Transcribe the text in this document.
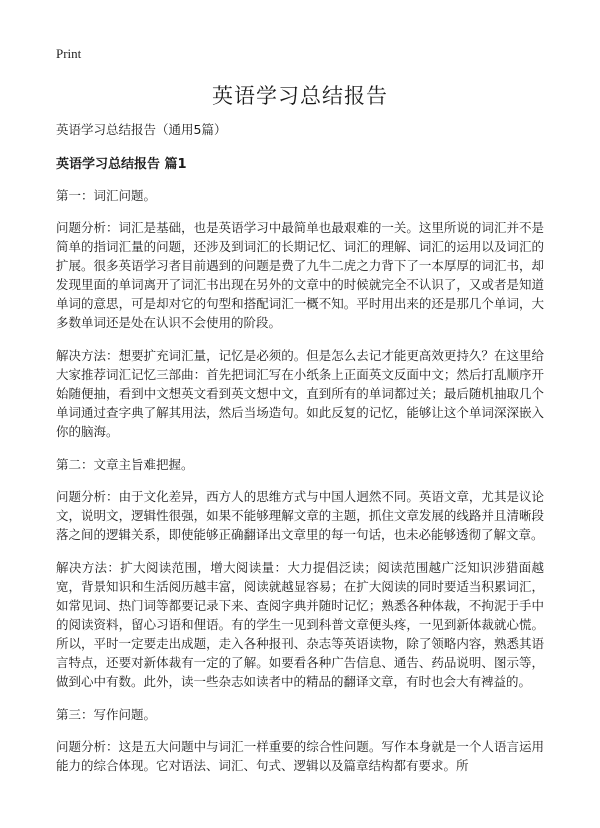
Print
英语学习总结报告

英语学习总结报告（通用5篇）

英语学习总结报告 篇1

第一：词汇问题。

问题分析：词汇是基础，也是英语学习中最简单也最艰难的一关。这里所说的词汇并不是简单的指词汇量的问题，还涉及到词汇的长期记忆、词汇的理解、词汇的运用以及词汇的扩展。很多英语学习者目前遇到的问题是费了九牛二虎之力背下了一本厚厚的词汇书，却发现里面的单词离开了词汇书出现在另外的文章中的时候就完全不认识了，又或者是知道单词的意思，可是却对它的句型和搭配词汇一概不知。平时用出来的还是那几个单词，大多数单词还是处在认识不会使用的阶段。

解决方法：想要扩充词汇量，记忆是必须的。但是怎么去记才能更高效更持久？在这里给大家推荐词汇记忆三部曲：首先把词汇写在小纸条上正面英文反面中文；然后打乱顺序开始随便抽，看到中文想英文看到英文想中文，直到所有的单词都过关；最后随机抽取几个单词通过查字典了解其用法，然后当场造句。如此反复的记忆，能够让这个单词深深嵌入你的脑海。

第二：文章主旨难把握。

问题分析：由于文化差异，西方人的思维方式与中国人迥然不同。英语文章，尤其是议论文，说明文，逻辑性很强，如果不能够理解文章的主题，抓住文章发展的线路并且清晰段落之间的逻辑关系，即使能够正确翻译出文章里的每一句话，也未必能够透彻了解文章。

解决方法：扩大阅读范围，增大阅读量：大力提倡泛读；阅读范围越广泛知识涉猎面越宽，背景知识和生活阅历越丰富，阅读就越显容易；在扩大阅读的同时要适当积累词汇，如常见词、热门词等都要记录下来、查阅字典并随时记忆；熟悉各种体裁，不拘泥于手中的阅读资料，留心习语和俚语。有的学生一见到科普文章便头疼，一见到新体裁就心慌。所以，平时一定要走出成题，走入各种报刊、杂志等英语读物，除了领略内容，熟悉其语言特点，还要对新体裁有一定的了解。如要看各种广告信息、通告、药品说明、图示等，做到心中有数。此外，读一些杂志如读者中的精品的翻译文章，有时也会大有裨益的。

第三：写作问题。

问题分析：这是五大问题中与词汇一样重要的综合性问题。写作本身就是一个人语言运用能力的综合体现。它对语法、词汇、句式、逻辑以及篇章结构都有要求。所
